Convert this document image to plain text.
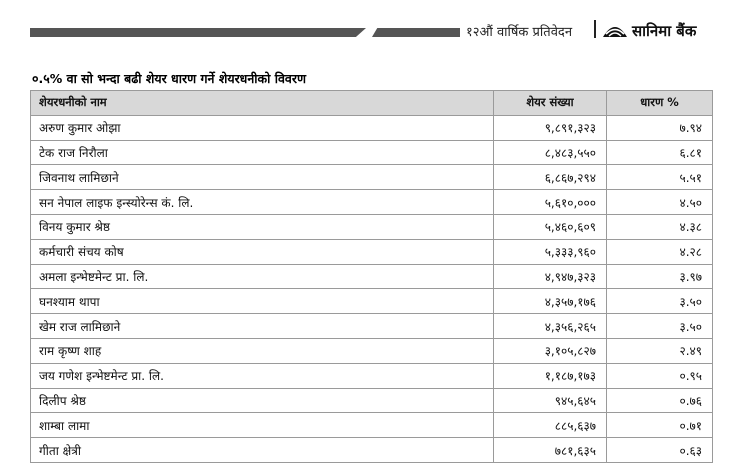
१२औं वार्षिक प्रतिवेदन	सानिमा बैंक
०.५% वा सो भन्दा बढी शेयर धारण गर्ने शेयरधनीको विवरण
शेयरधनीको नाम	शेयर संख्या	धारण %
अरुण कुमार ओझा	९,८९१,३२३	७.९४
टेक राज निरौला	८,४८३,५५०	६.८१
जिवनाथ लामिछाने	६,८६७,२९४	५.५१
सन नेपाल लाइफ इन्स्योरेन्स कं. लि.	५,६१०,०००	४.५०
विनय कुमार श्रेष्ठ	५,४६०,६०९	४.३८
कर्मचारी संचय कोष	५,३३३,९६०	४.२८
अमला इन्भेष्टमेन्ट प्रा. लि.	४,९४७,३२३	३.९७
घनश्याम थापा	४,३५७,१७६	३.५०
खेम राज लामिछाने	४,३५६,२६५	३.५०
राम कृष्ण शाह	३,१०५,८२७	२.४९
जय गणेश इन्भेष्टमेन्ट प्रा. लि.	१,१८७,१७३	०.९५
दिलीप श्रेष्ठ	९४५,६४५	०.७६
शाम्बा लामा	८८५,६३७	०.७१
गीता क्षेत्री	७८१,६३५	०.६३
